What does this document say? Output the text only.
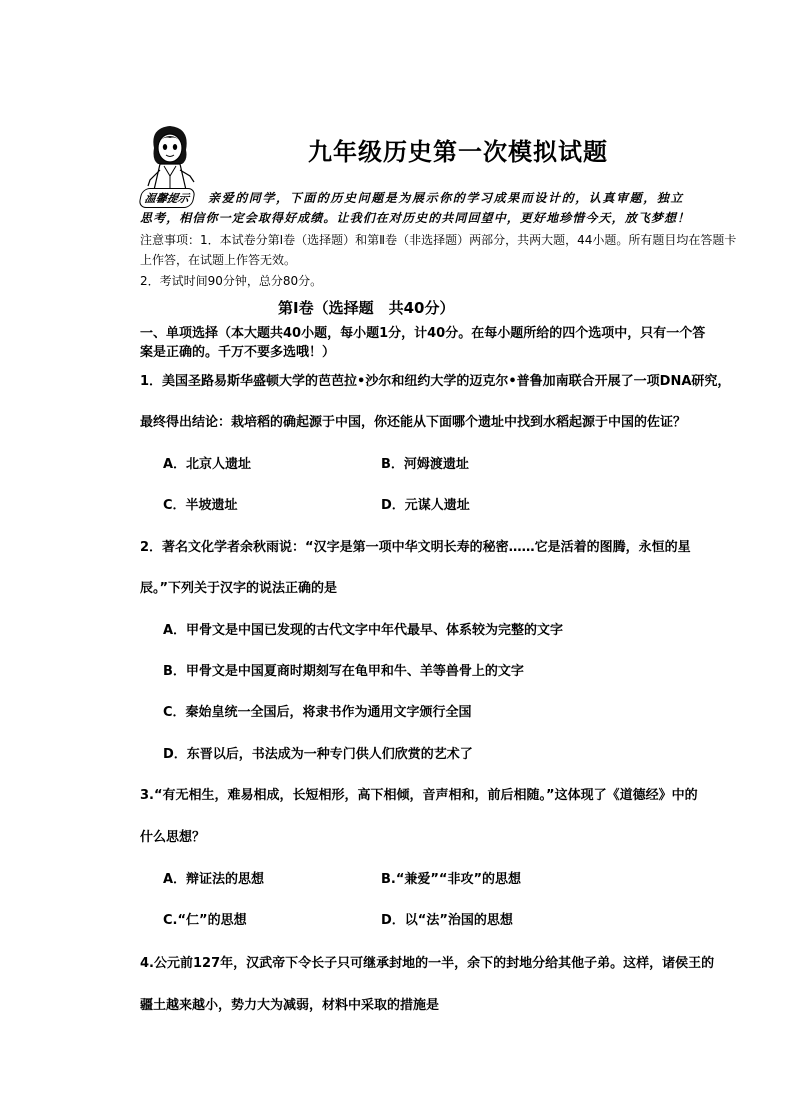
九年级历史第一次模拟试题
温馨提示	亲爱的同学，下面的历史问题是为展示你的学习成果而设计的，认真审题，独立
思考，相信你一定会取得好成绩。让我们在对历史的共同回望中，更好地珍惜今天，放飞梦想！
注意事项：1．本试卷分第Ⅰ卷（选择题）和第Ⅱ卷（非选择题）两部分，共两大题，44小题。所有题目均在答题卡
上作答，在试题上作答无效。
2．考试时间90分钟，总分80分。
第Ⅰ卷（选择题　共40分）
一、单项选择（本大题共40小题，每小题1分，计40分。在每小题所给的四个选项中，只有一个答
案是正确的。千万不要多选哦！）
1．美国圣路易斯华盛顿大学的芭芭拉•沙尔和纽约大学的迈克尔•普鲁加南联合开展了一项DNA研究，
最终得出结论：栽培稻的确起源于中国，你还能从下面哪个遗址中找到水稻起源于中国的佐证？
A．北京人遗址	B．河姆渡遗址
C．半坡遗址	D．元谋人遗址
2．著名文化学者余秋雨说：“汉字是第一项中华文明长寿的秘密……它是活着的图腾，永恒的星
辰。”下列关于汉字的说法正确的是
A．甲骨文是中国已发现的古代文字中年代最早、体系较为完整的文字
B．甲骨文是中国夏商时期刻写在龟甲和牛、羊等兽骨上的文字
C．秦始皇统一全国后，将隶书作为通用文字颁行全国
D．东晋以后，书法成为一种专门供人们欣赏的艺术了
3.“有无相生，难易相成，长短相形，高下相倾，音声相和，前后相随。”这体现了《道德经》中的
什么思想？
A．辩证法的思想	B.“兼爱”“非攻”的思想
C.“仁”的思想	D．以“法”治国的思想
4.公元前127年，汉武帝下令长子只可继承封地的一半，余下的封地分给其他子弟。这样，诸侯王的
疆土越来越小，势力大为减弱，材料中采取的措施是
